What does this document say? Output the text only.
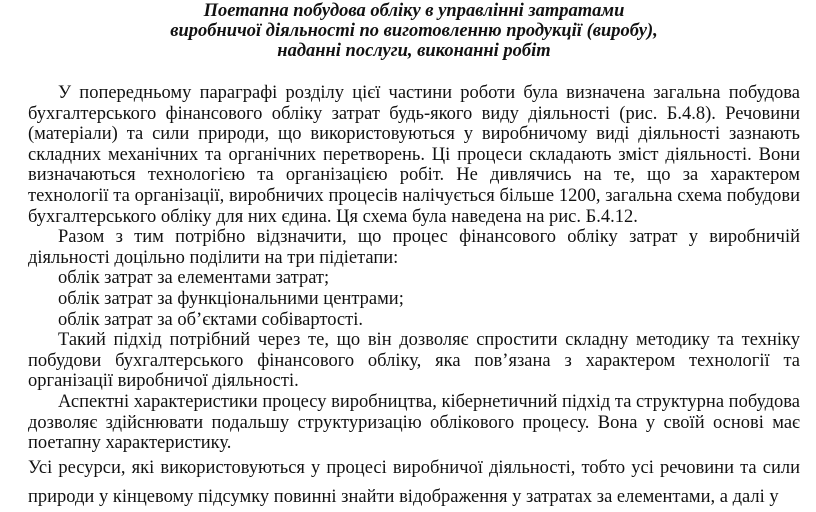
Поетапна побудова обліку в управлінні затратами
виробничої діяльності по виготовленню продукції (виробу),
наданні послуги, виконанні робіт

У попередньому параграфі розділу цієї частини роботи була визначена загальна побудова бухгалтерського фінансового обліку затрат будь-якого виду діяльності (рис. Б.4.8). Речовини (матеріали) та сили природи, що використовуються у виробничому виді діяльності зазнають складних механічних та органічних перетворень. Ці процеси складають зміст діяльності. Вони визначаються технологією та організацією робіт. Не дивлячись на те, що за характером технології та організації, виробничих процесів налічується більше 1200, загальна схема побудови бухгалтерського обліку для них єдина. Ця схема була наведена на рис. Б.4.12.

Разом з тим потрібно відзначити, що процес фінансового обліку затрат у виробничій діяльності доцільно поділити на три підіетапи:

облік затрат за елементами затрат;

облік затрат за функціональними центрами;

облік затрат за об’єктами собівартості.

Такий підхід потрібний через те, що він дозволяє спростити складну методику та техніку побудови бухгалтерського фінансового обліку, яка пов’язана з характером технології та організації виробничої діяльності.

Аспектні характеристики процесу виробництва, кібернетичний підхід та структурна побудова дозволяє здійснювати подальшу структуризацію облікового процесу. Вона у своїй основі має поетапну характеристику.

Усі ресурси, які використовуються у процесі виробничої діяльності, тобто усі речовини та сили природи у кінцевому підсумку повинні знайти відображення у затратах за елементами, а далі у
